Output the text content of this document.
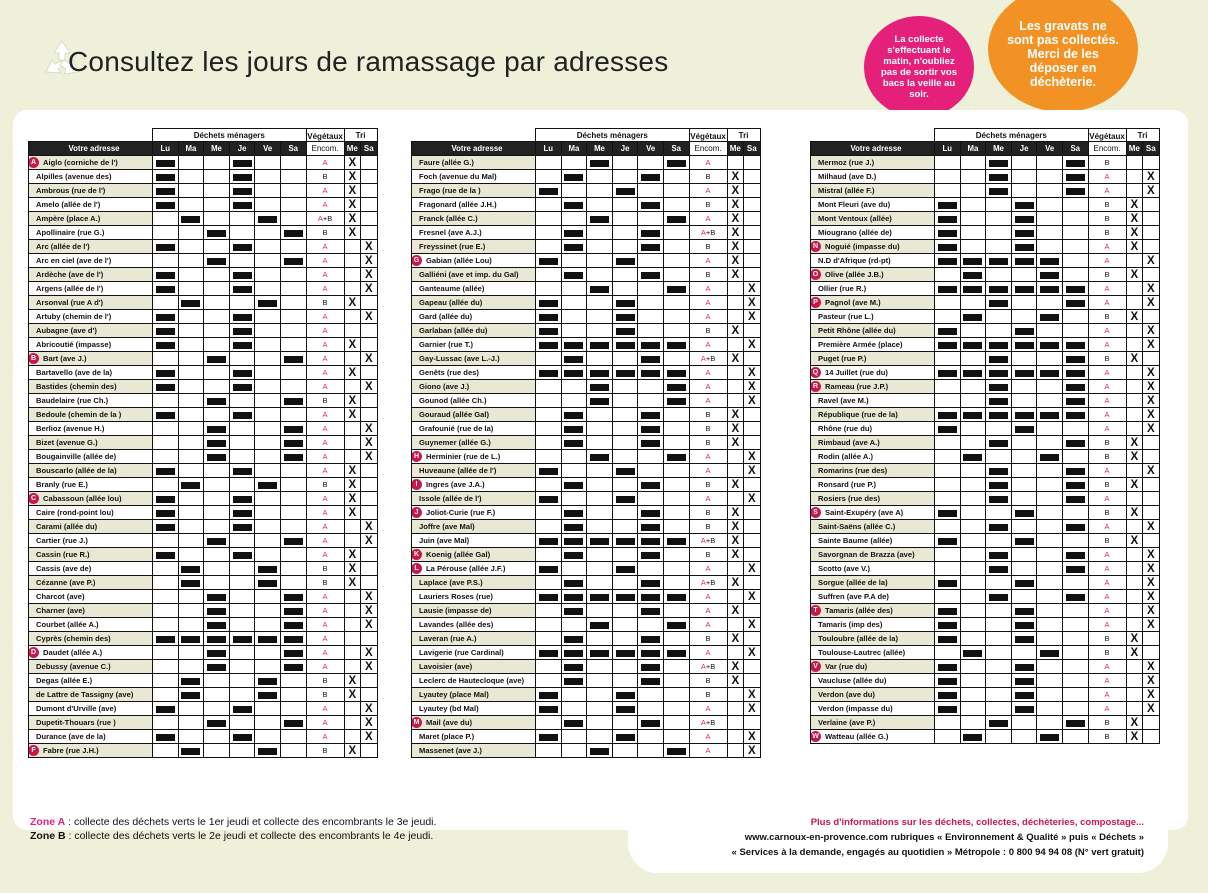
Consultez les jours de ramassage par adresses
La collecte s'effectuant le matin, n'oubliez pas de sortir vos bacs la veille au soir.
Les gravats ne sont pas collectés. Merci de les déposer en déchèterie.
	Déchets ménagers						Végétaux	Tri	
Votre adresse	Lu	Ma	Me	Je	Ve	Sa	Encom.	Me	Sa

A Aiglo (corniche de l')							A	X	
Alpilles (avenue des)							B	X	
Ambrous (rue de l')							A	X	
Amelo (allée de l')							A	X	
Ampère (place A.)							A+B	X	
Apollinaire (rue G.)							B	X	
Arc (allée de l')							A		X
Arc en ciel (ave de l')							A		X
Ardèche (ave de l')							A		X
Argens (allée de l')							A		X
Arsonval (rue A d')							B	X	
Artuby (chemin de l')							A		X
Aubagne (ave d')							A		
Abricoutié (impasse)							A	X	

B Bart (ave J.)							A		X
Bartavello (ave de la)							A	X	
Bastides (chemin des)							A		X
Baudelaire (rue Ch.)							B	X	
Bedoule (chemin de la )							A	X	
Berlioz (avenue H.)							A		X
Bizet (avenue G.)							A		X
Bougainville (allée de)							A		X
Bouscarlo (allée de la)							A	X	
Branly (rue E.)							B	X	

C Cabassoun (allée lou)							A	X	
Caire (rond-point lou)							A	X	
Carami (allée du)							A		X
Cartier (rue J.)							A		X
Cassin (rue R.)							A	X	
Cassis (ave de)							B	X	
Cézanne (ave P.)							B	X	
Charcot (ave)							A		X
Charner (ave)							A		X
Courbet (allée A.)							A		X
Cyprès (chemin des)							A		

D Daudet (allée A.)							A		X
Debussy (avenue C.)							A		X
Degas (allée E.)							B	X	
de Lattre de Tassigny (ave)							B	X	
Dumont d'Urville (ave)							A		X
Dupetit-Thouars (rue )							A		X
Durance (ave de la)							A		X

F Fabre (rue J.H.)							B	X	
	Déchets ménagers						Végétaux	Tri	
Votre adresse	Lu	Ma	Me	Je	Ve	Sa	Encom.	Me	Sa
Faure (allée G.)							A		
Foch (avenue du Mal)							B	X	
Frago (rue de la )							A	X	
Fragonard (allée J.H.)							B	X	
Franck (allée C.)							A	X	
Fresnel (ave A.J.)							A+B	X	
Freyssinet (rue E.)							B	X	

G Gabian (allée Lou)							A	X	
Galliéni (ave et imp. du Gal)							B	X	
Ganteaume (allée)							A		X
Gapeau (allée du)							A		X
Gard (allée du)							A		X
Garlaban (allée du)							B	X	
Garnier (rue T.)							A		X
Gay-Lussac (ave L.-J.)							A+B	X	
Genêts (rue des)							A		X
Giono (ave J.)							A		X
Gounod (allée Ch.)							A		X
Gouraud (allée Gal)							B	X	
Grafounié (rue de la)							B	X	
Guynemer (allée G.)							B	X	

H Herminier (rue de L.)							A		X
Huveaune (allée de l')							A		X

I Ingres (ave J.A.)							B	X	
Issole (allée de l')							A		X

J Joliot-Curie (rue F.)							B	X	
Joffre (ave Mal)							B	X	
Juin (ave Mal)							A+B	X	

K Koenig (allée Gal)							B	X	

L La Pérouse (allée J.F.)							A		X
Laplace (ave P.S.)							A+B	X	
Lauriers Roses (rue)							A		X
Lausie (impasse de)							A	X	
Lavandes (allée des)							A		X
Laveran (rue A.)							B	X	
Lavigerie (rue Cardinal)							A		X
Lavoisier (ave)							A+B	X	
Leclerc de Hautecloque (ave)							B	X	
Lyautey (place Mal)							B		X
Lyautey (bd Mal)							A		X

M Mail (ave du)							A+B		
Maret (place P.)							A		X
Massenet (ave J.)							A		X
	Déchets ménagers						Végétaux	Tri	
Votre adresse	Lu	Ma	Me	Je	Ve	Sa	Encom.	Me	Sa
Mermoz (rue J.)							B		
Milhaud (ave D.)							A		X
Mistral (allée F.)							A		X
Mont Fleuri (ave du)							B	X	
Mont Ventoux (allée)							B	X	
Miougrano (allée de)							B	X	

N Noguié (impasse du)							A	X	
N.D d'Afrique (rd-pt)							A		X

O Olive (allée J.B.)							B	X	
Ollier (rue R.)							A		X

P Pagnol (ave M.)							A		X
Pasteur (rue L.)							B	X	
Petit Rhône (allée du)							A		X
Première Armée (place)							A		X
Puget (rue P.)							B	X	

Q 14 Juillet (rue du)							A		X

R Rameau (rue J.P.)							A		X
Ravel (ave M.)							A		X
République (rue de la)							A		X
Rhône (rue du)							A		X
Rimbaud (ave A.)							B	X	
Rodin (allée A.)							B	X	
Romarins (rue des)							A		X
Ronsard (rue P.)							B	X	
Rosiers (rue des)							A		

S Saint-Exupéry (ave A)							B	X	
Saint-Saëns (allée C.)							A		X
Sainte Baume (allée)							B	X	
Savorgnan de Brazza (ave)							A		X
Scotto (ave V.)							A		X
Sorgue (allée de la)							A		X
Suffren (ave P.A de)							A		X

T Tamaris (allée des)							A		X
Tamaris (imp des)							A		X
Touloubre (allée de la)							B	X	
Toulouse-Lautrec (allée)							B	X	

V Var (rue du)							A		X
Vaucluse (allée du)							A		X
Verdon (ave du)							A		X
Verdon (impasse du)							A		X
Verlaine (ave P.)							B	X	

W Watteau (allée G.)							B	X	
Zone A : collecte des déchets verts le 1er jeudi et collecte des encombrants le 3e jeudi.
Zone B : collecte des déchets verts le 2e jeudi et collecte des encombrants le 4e jeudi.
Plus d'informations sur les déchets, collectes, déchèteries, compostage...
www.carnoux-en-provence.com rubriques « Environnement & Qualité » puis « Déchets »
« Services à la demande, engagés au quotidien » Métropole : 0 800 94 94 08 (N° vert gratuit)
